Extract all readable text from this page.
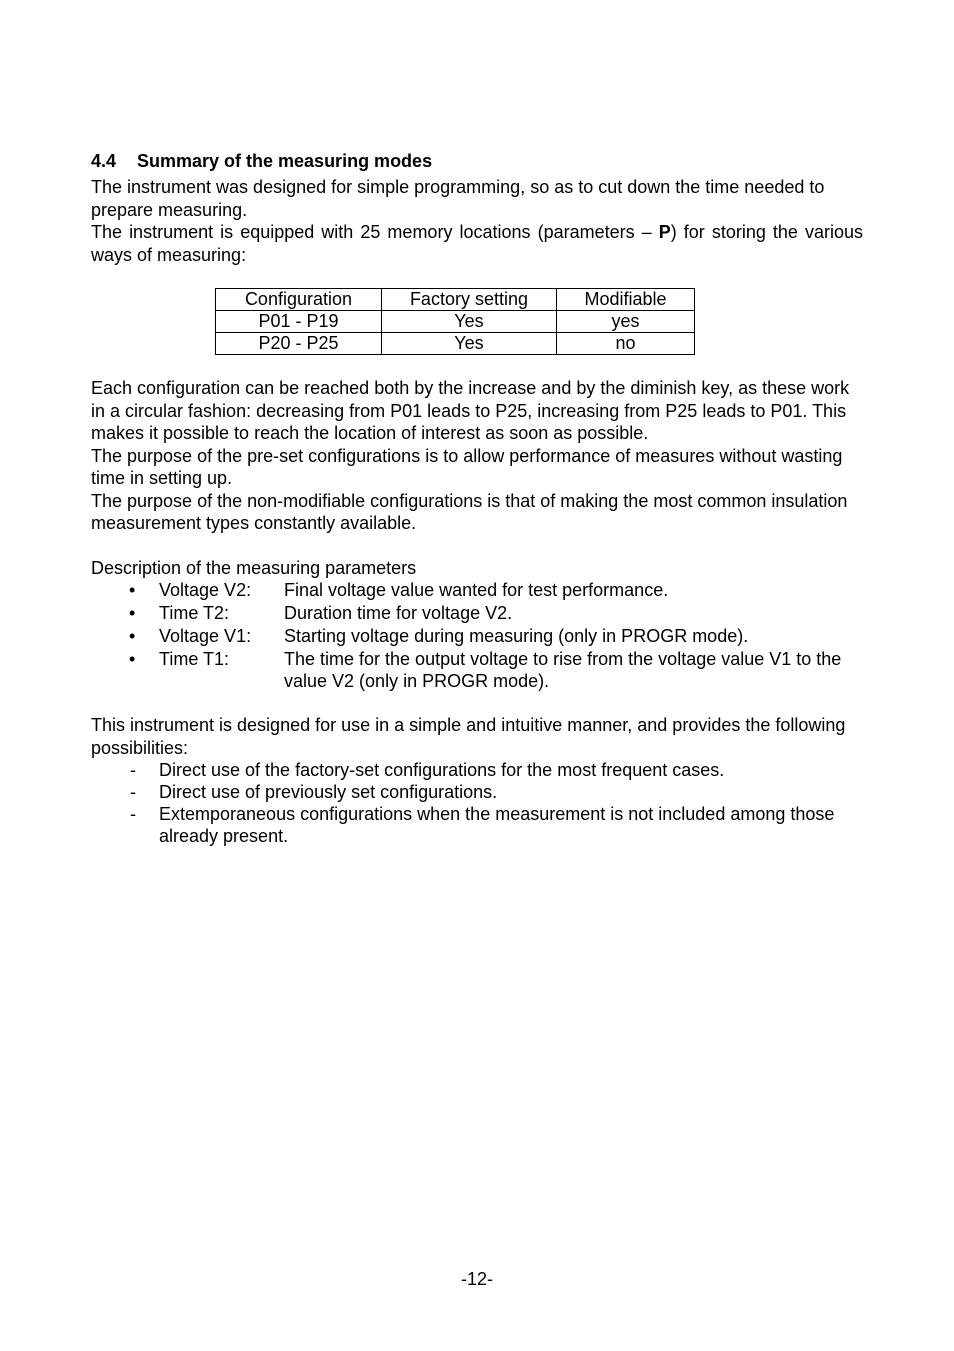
4.4 Summary of the measuring modes

The instrument was designed for simple programming, so as to cut down the time needed to prepare measuring.

The instrument is equipped with 25 memory locations (parameters – P) for storing the various ways of measuring:

Configuration	Factory setting	Modifiable
P01 - P19	Yes	yes
P20 - P25	Yes	no

Each configuration can be reached both by the increase and by the diminish key, as these work in a circular fashion: decreasing from P01 leads to P25, increasing from P25 leads to P01. This makes it possible to reach the location of interest as soon as possible.

The purpose of the pre-set configurations is to allow performance of measures without wasting time in setting up.

The purpose of the non-modifiable configurations is that of making the most common insulation measurement types constantly available.

Description of the measuring parameters

• Voltage V2:	Final voltage value wanted for test performance.
• Time T2:	Duration time for voltage V2.
• Voltage V1:	Starting voltage during measuring (only in PROGR mode).
• Time T1:	The time for the output voltage to rise from the voltage value V1 to the value V2 (only in PROGR mode).

This instrument is designed for use in a simple and intuitive manner, and provides the following possibilities:

- Direct use of the factory-set configurations for the most frequent cases.
- Direct use of previously set configurations.
- Extemporaneous configurations when the measurement is not included among those already present.
-12-
